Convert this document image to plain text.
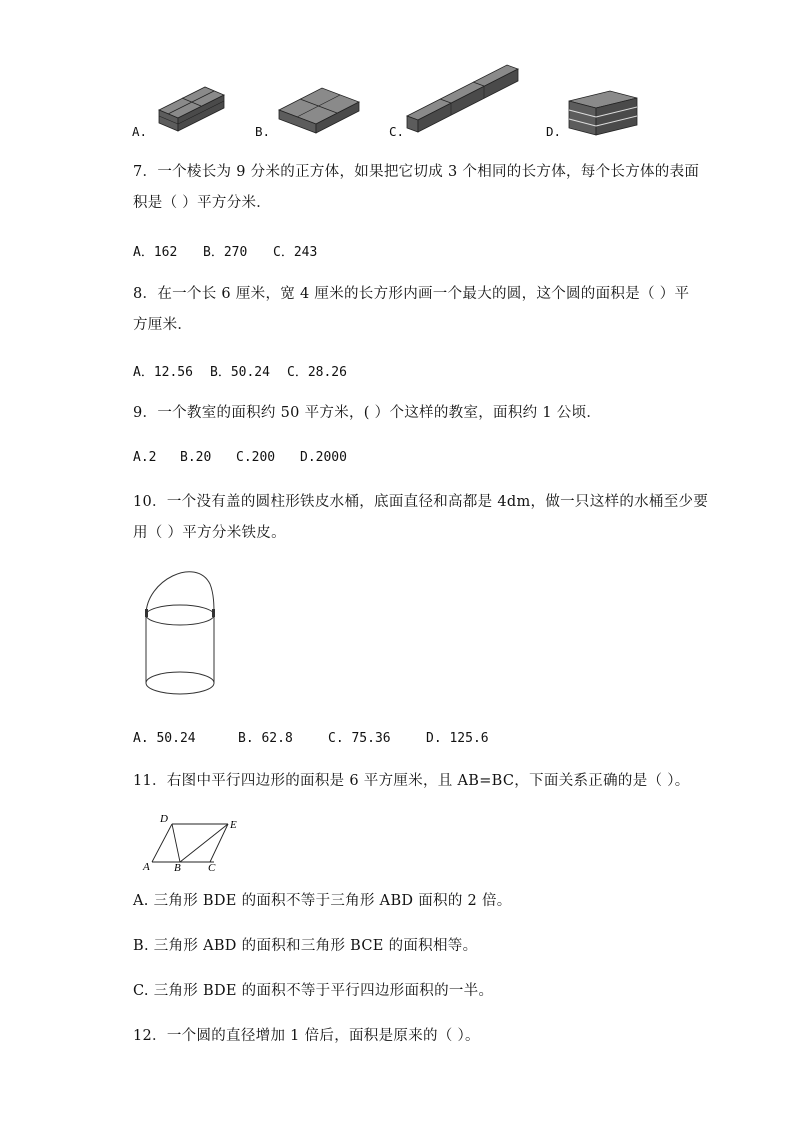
A.	B.	C.	D.
7．一个棱长为 9 分米的正方体，如果把它切成 3 个相同的长方体，每个长方体的表面
积是（ ）平方分米．
A．162 B．270 C．243
8．在一个长 6 厘米，宽 4 厘米的长方形内画一个最大的圆，这个圆的面积是（ ）平
方厘米．
A．12.56 B．50.24 C．28.26
9．一个教室的面积约 50 平方米，( ）个这样的教室，面积约 1 公顷．
A.2 B.20 C.200 D.2000
10．一个没有盖的圆柱形铁皮水桶，底面直径和高都是 4dm，做一只这样的水桶至少要
用（ ）平方分米铁皮。
A. 50.24	B. 62.8	C. 75.36	D. 125.6
11．右图中平行四边形的面积是 6 平方厘米，且 AB=BC，下面关系正确的是（ ）。
D	E
A B C
A. 三角形 BDE 的面积不等于三角形 ABD 面积的 2 倍。
B. 三角形 ABD 的面积和三角形 BCE 的面积相等。
C. 三角形 BDE 的面积不等于平行四边形面积的一半。
12．一个圆的直径增加 1 倍后，面积是原来的（ ）。
